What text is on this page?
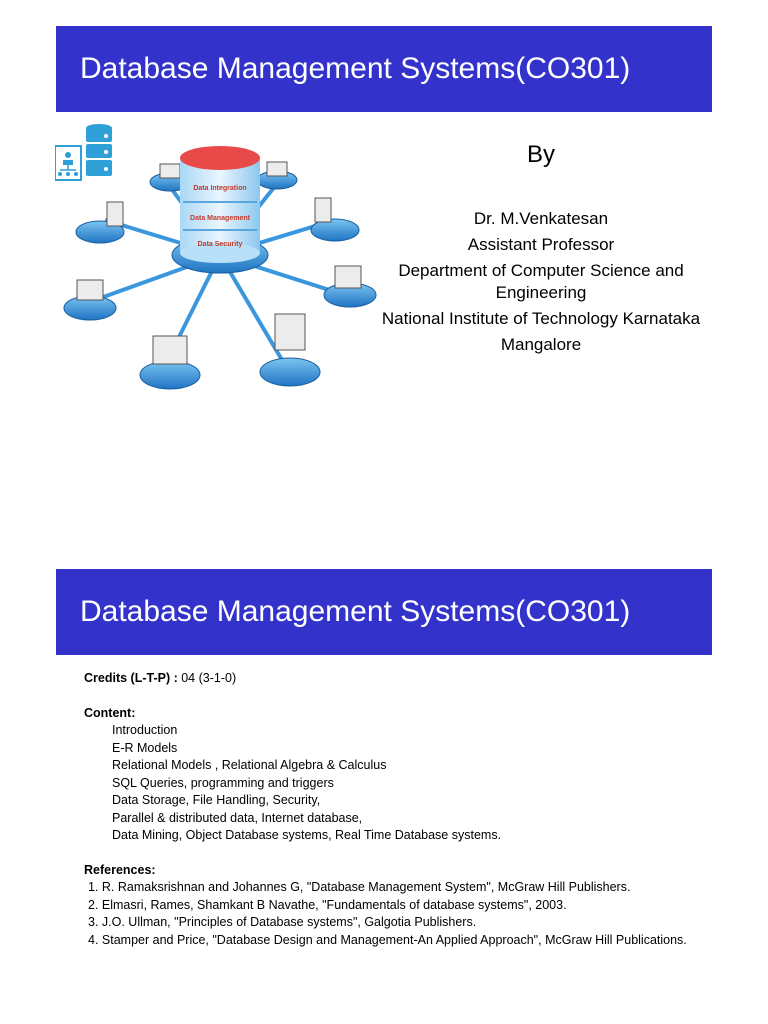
Database Management Systems(CO301)
Data Integration
Data Management
Data Security
By
Dr. M.Venkatesan
Assistant Professor
Department of Computer Science and Engineering
National Institute of Technology Karnataka
Mangalore
Database Management Systems(CO301)
Credits (L-T-P) : 04 (3-1-0)
Content:
Introduction
E-R Models
Relational Models , Relational Algebra & Calculus
SQL Queries, programming and triggers
Data Storage, File Handling, Security,
Parallel & distributed data, Internet database,
Data Mining, Object Database systems, Real Time Database systems.
References:
1. R. Ramaksrishnan and Johannes G, "Database Management System", McGraw Hill Publishers.
2. Elmasri, Rames, Shamkant B Navathe, "Fundamentals of database systems", 2003.
3. J.O. Ullman, "Principles of Database systems", Galgotia Publishers.
4. Stamper and Price, "Database Design and Management-An Applied Approach", McGraw Hill Publications.
